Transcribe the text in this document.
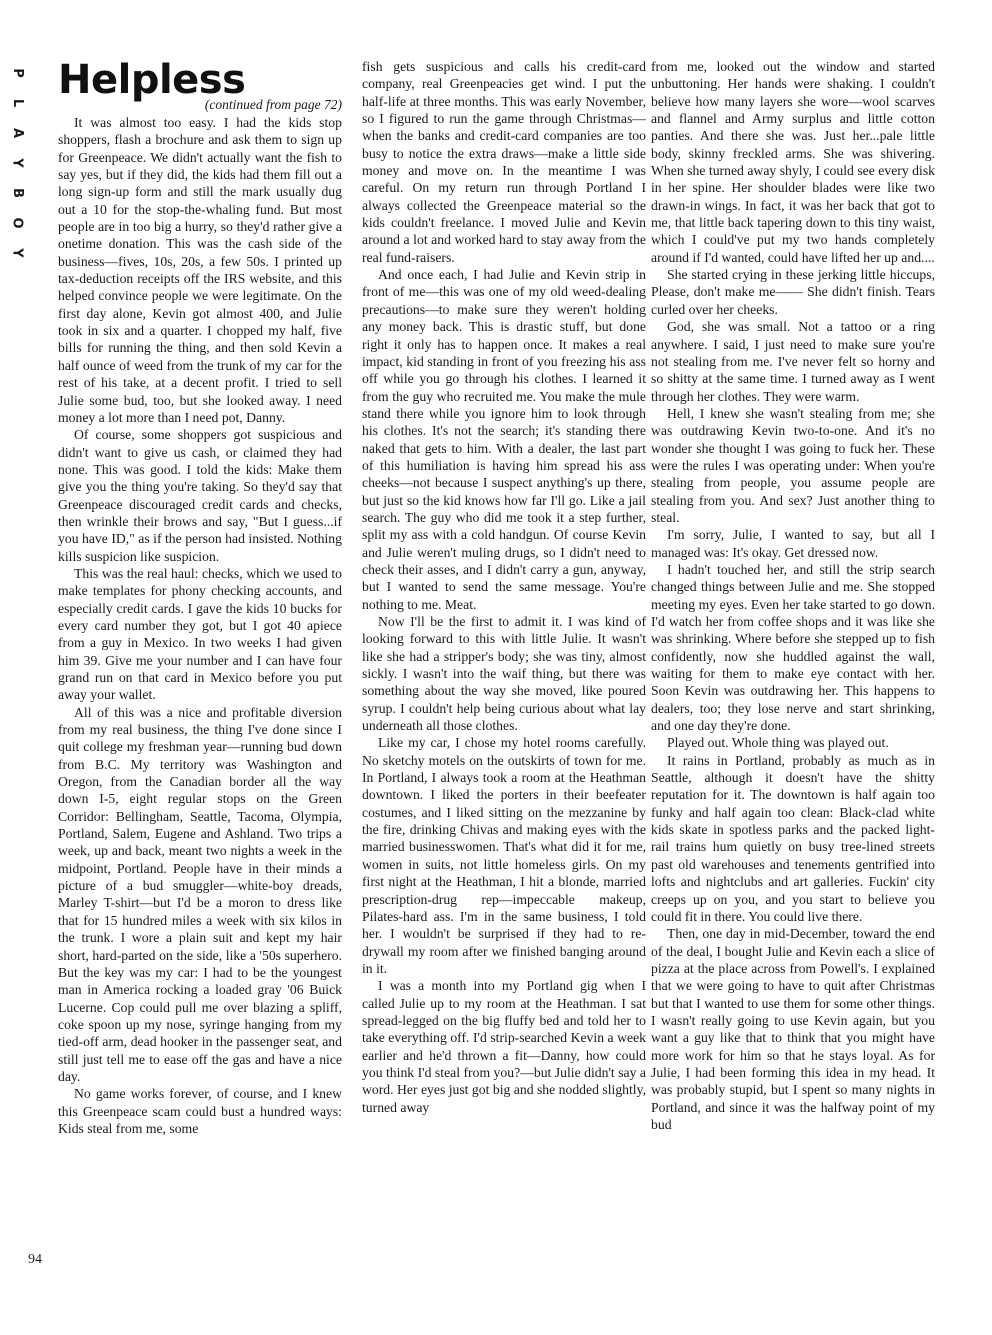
P
L
A
Y
B
O
Y
Helpless
(continued from page 72)

It was almost too easy. I had the kids stop shoppers, flash a brochure and ask them to sign up for Greenpeace. We didn't actually want the fish to say yes, but if they did, the kids had them fill out a long sign-up form and still the mark usually dug out a 10 for the stop-the-whaling fund. But most people are in too big a hurry, so they'd rather give a onetime donation. This was the cash side of the business—fives, 10s, 20s, a few 50s. I printed up tax-deduction receipts off the IRS website, and this helped convince people we were legitimate. On the first day alone, Kevin got almost 400, and Julie took in six and a quarter. I chopped my half, five bills for running the thing, and then sold Kevin a half ounce of weed from the trunk of my car for the rest of his take, at a decent profit. I tried to sell Julie some bud, too, but she looked away. I need money a lot more than I need pot, Danny.

Of course, some shoppers got suspicious and didn't want to give us cash, or claimed they had none. This was good. I told the kids: Make them give you the thing you're taking. So they'd say that Greenpeace discouraged credit cards and checks, then wrinkle their brows and say, "But I guess...if you have ID," as if the person had insisted. Nothing kills suspicion like suspicion.

This was the real haul: checks, which we used to make templates for phony checking accounts, and especially credit cards. I gave the kids 10 bucks for every card number they got, but I got 40 apiece from a guy in Mexico. In two weeks I had given him 39. Give me your number and I can have four grand run on that card in Mexico before you put away your wallet.

All of this was a nice and profitable diversion from my real business, the thing I've done since I quit college my freshman year—running bud down from B.C. My territory was Washington and Oregon, from the Canadian border all the way down I-5, eight regular stops on the Green Corridor: Bellingham, Seattle, Tacoma, Olympia, Portland, Salem, Eugene and Ashland. Two trips a week, up and back, meant two nights a week in the midpoint, Portland. People have in their minds a picture of a bud smuggler—white-boy dreads, Marley T-shirt—but I'd be a moron to dress like that for 15 hundred miles a week with six kilos in the trunk. I wore a plain suit and kept my hair short, hard-parted on the side, like a '50s superhero. But the key was my car: I had to be the youngest man in America rocking a loaded gray '06 Buick Lucerne. Cop could pull me over blazing a spliff, coke spoon up my nose, syringe hanging from my tied-off arm, dead hooker in the passenger seat, and still just tell me to ease off the gas and have a nice day.

No game works forever, of course, and I knew this Greenpeace scam could bust a hundred ways: Kids steal from me, some

fish gets suspicious and calls his credit-card company, real Greenpeacies get wind. I put the half-life at three months. This was early November, so I figured to run the game through Christmas—when the banks and credit-card companies are too busy to notice the extra draws—make a little side money and move on. In the meantime I was careful. On my return run through Portland I always collected the Greenpeace material so the kids couldn't freelance. I moved Julie and Kevin around a lot and worked hard to stay away from the real fund-raisers.

And once each, I had Julie and Kevin strip in front of me—this was one of my old weed-dealing precautions—to make sure they weren't holding any money back. This is drastic stuff, but done right it only has to happen once. It makes a real impact, kid standing in front of you freezing his ass off while you go through his clothes. I learned it from the guy who recruited me. You make the mule stand there while you ignore him to look through his clothes. It's not the search; it's standing there naked that gets to him. With a dealer, the last part of this humiliation is having him spread his ass cheeks—not because I suspect anything's up there, but just so the kid knows how far I'll go. Like a jail search. The guy who did me took it a step further, split my ass with a cold handgun. Of course Kevin and Julie weren't muling drugs, so I didn't need to check their asses, and I didn't carry a gun, anyway, but I wanted to send the same message. You're nothing to me. Meat.

Now I'll be the first to admit it. I was kind of looking forward to this with little Julie. It wasn't like she had a stripper's body; she was tiny, almost sickly. I wasn't into the waif thing, but there was something about the way she moved, like poured syrup. I couldn't help being curious about what lay underneath all those clothes.

Like my car, I chose my hotel rooms carefully. No sketchy motels on the outskirts of town for me. In Portland, I always took a room at the Heathman downtown. I liked the porters in their beefeater costumes, and I liked sitting on the mezzanine by the fire, drinking Chivas and making eyes with the married businesswomen. That's what did it for me, women in suits, not little homeless girls. On my first night at the Heathman, I hit a blonde, married prescription-drug rep—impeccable makeup, Pilates-hard ass. I'm in the same business, I told her. I wouldn't be surprised if they had to re-drywall my room after we finished banging around in it.

I was a month into my Portland gig when I called Julie up to my room at the Heathman. I sat spread-legged on the big fluffy bed and told her to take everything off. I'd strip-searched Kevin a week earlier and he'd thrown a fit—Danny, how could you think I'd steal from you?—but Julie didn't say a word. Her eyes just got big and she nodded slightly, turned away

from me, looked out the window and started unbuttoning. Her hands were shaking. I couldn't believe how many layers she wore—wool scarves and flannel and Army surplus and little cotton panties. And there she was. Just her...pale little body, skinny freckled arms. She was shivering. When she turned away shyly, I could see every disk in her spine. Her shoulder blades were like two drawn-in wings. In fact, it was her back that got to me, that little back tapering down to this tiny waist, which I could've put my two hands completely around if I'd wanted, could have lifted her up and....

She started crying in these jerking little hiccups, Please, don't make me—— She didn't finish. Tears curled over her cheeks.

God, she was small. Not a tattoo or a ring anywhere. I said, I just need to make sure you're not stealing from me. I've never felt so horny and so shitty at the same time. I turned away as I went through her clothes. They were warm.

Hell, I knew she wasn't stealing from me; she was outdrawing Kevin two-to-one. And it's no wonder she thought I was going to fuck her. These were the rules I was operating under: When you're stealing from people, you assume people are stealing from you. And sex? Just another thing to steal.

I'm sorry, Julie, I wanted to say, but all I managed was: It's okay. Get dressed now.

I hadn't touched her, and still the strip search changed things between Julie and me. She stopped meeting my eyes. Even her take started to go down. I'd watch her from coffee shops and it was like she was shrinking. Where before she stepped up to fish confidently, now she huddled against the wall, waiting for them to make eye contact with her. Soon Kevin was outdrawing her. This happens to dealers, too; they lose nerve and start shrinking, and one day they're done.

Played out. Whole thing was played out.

It rains in Portland, probably as much as in Seattle, although it doesn't have the shitty reputation for it. The downtown is half again too funky and half again too clean: Black-clad white kids skate in spotless parks and the packed light-rail trains hum quietly on busy tree-lined streets past old warehouses and tenements gentrified into lofts and nightclubs and art galleries. Fuckin' city creeps up on you, and you start to believe you could fit in there. You could live there.

Then, one day in mid-December, toward the end of the deal, I bought Julie and Kevin each a slice of pizza at the place across from Powell's. I explained that we were going to have to quit after Christmas but that I wanted to use them for some other things. I wasn't really going to use Kevin again, but you want a guy like that to think that you might have more work for him so that he stays loyal. As for Julie, I had been forming this idea in my head. It was probably stupid, but I spent so many nights in Portland, and since it was the halfway point of my bud

94
